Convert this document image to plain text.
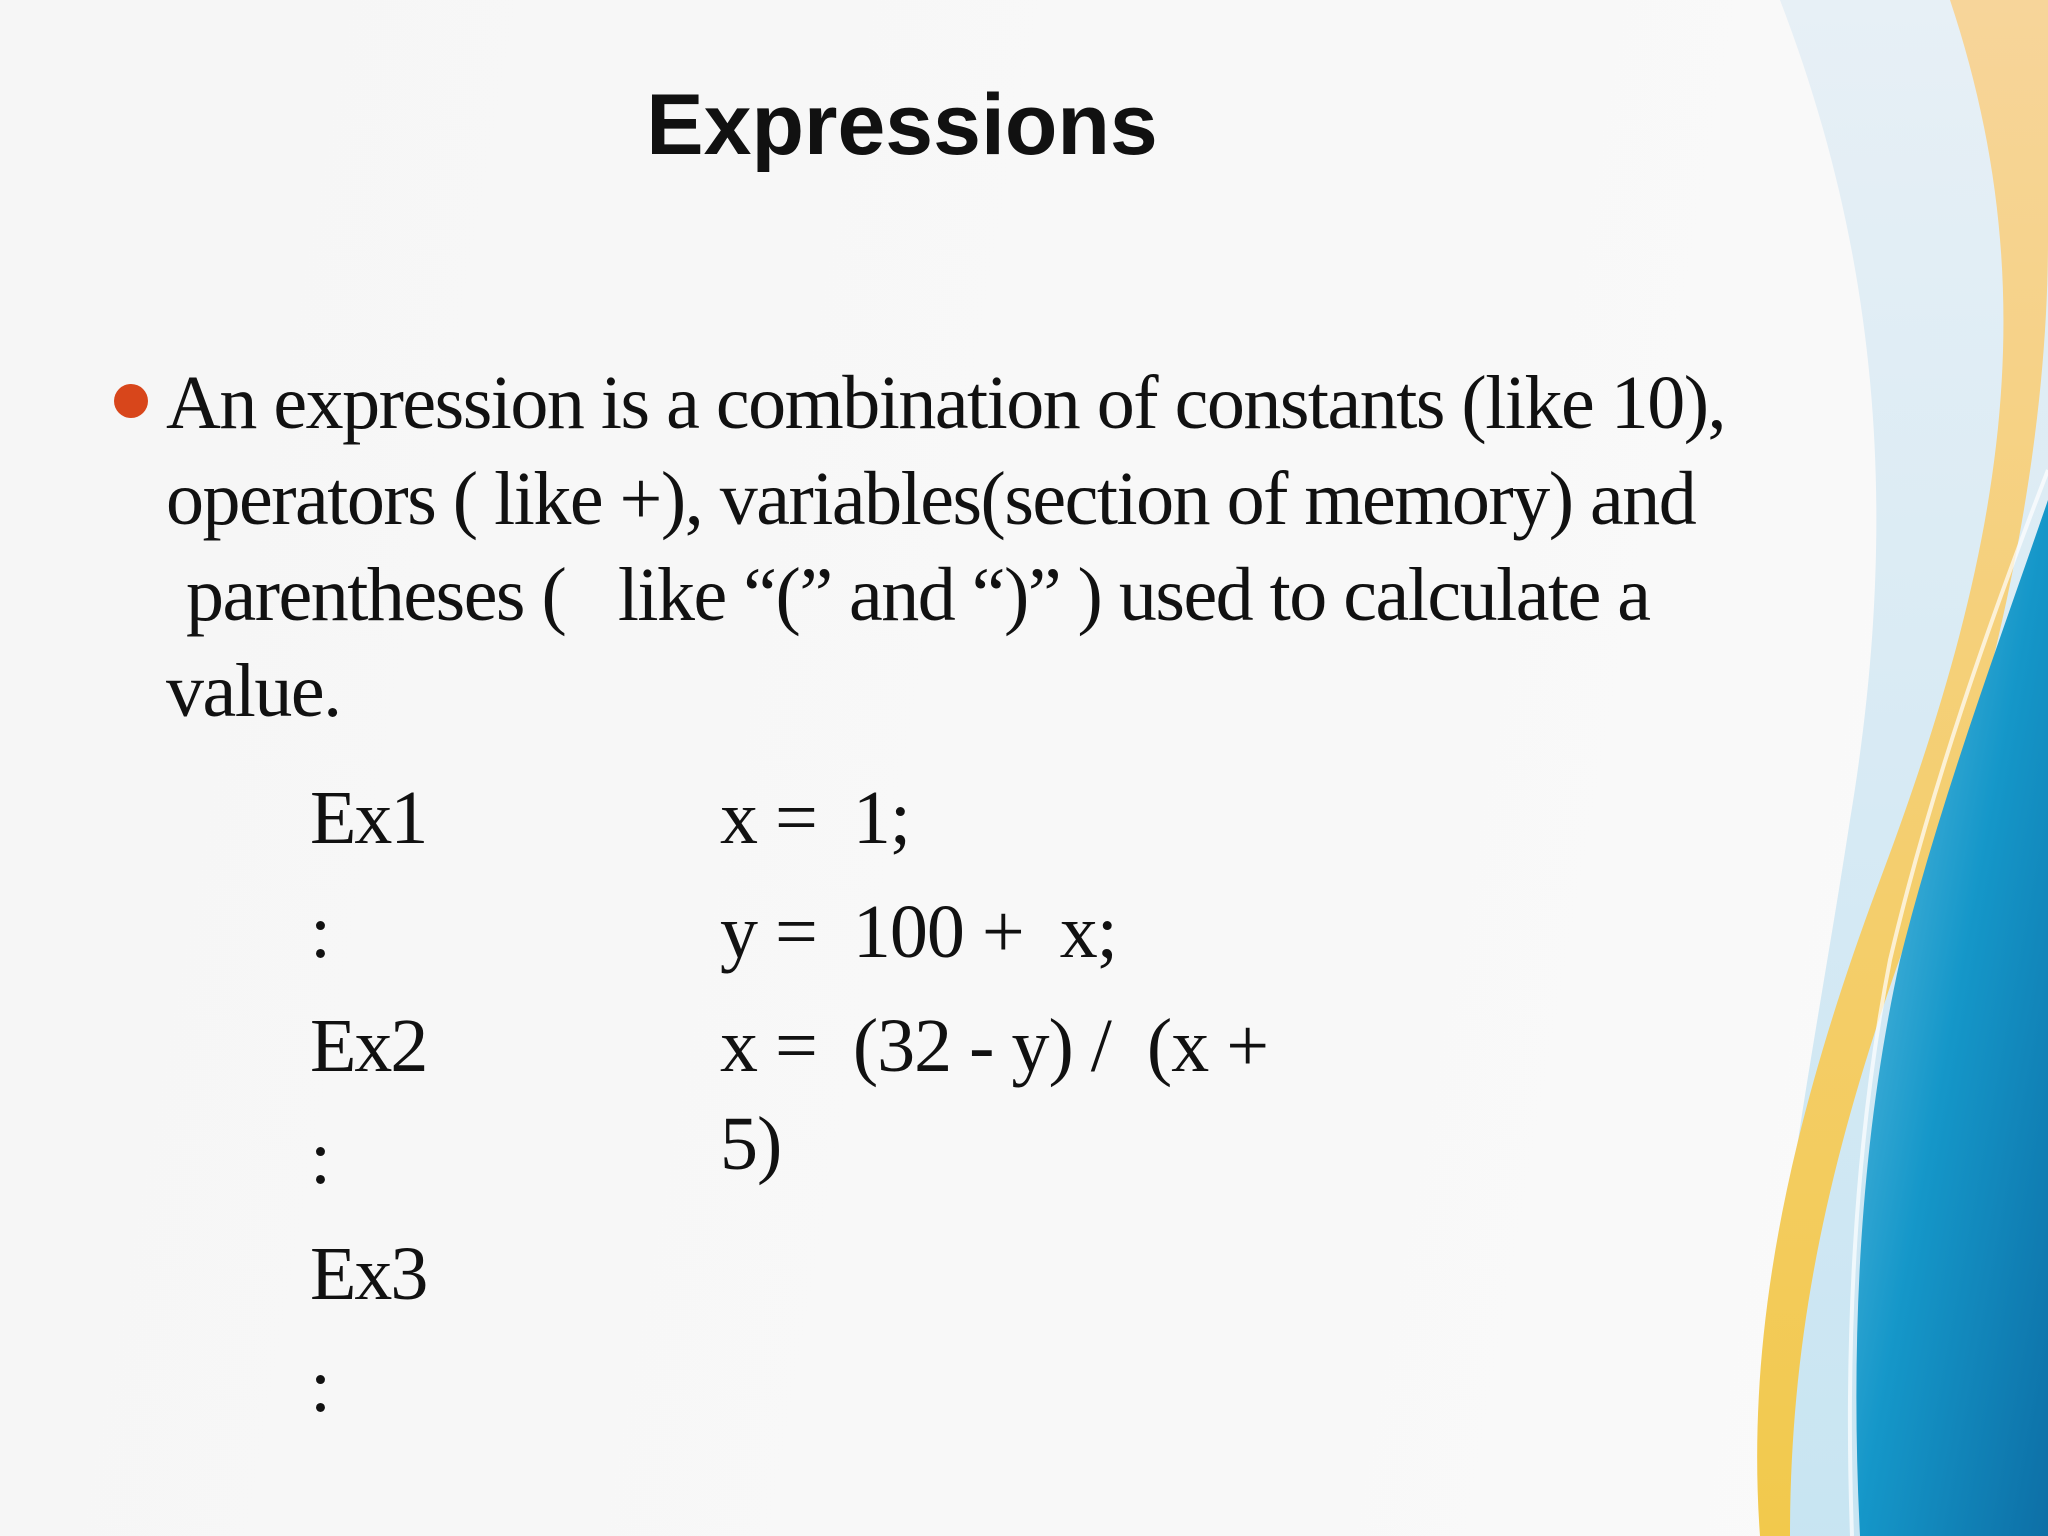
Expressions
An expression is a combination of constants (like 10),
operators ( like +), variables(section of memory) and
parentheses (   like “(” and “)” ) used to calculate a
value.
Ex1
:
Ex2
:
Ex3
:
x =  1;
y =  100 +  x;
x =  (32 - y) /  (x +
5)
